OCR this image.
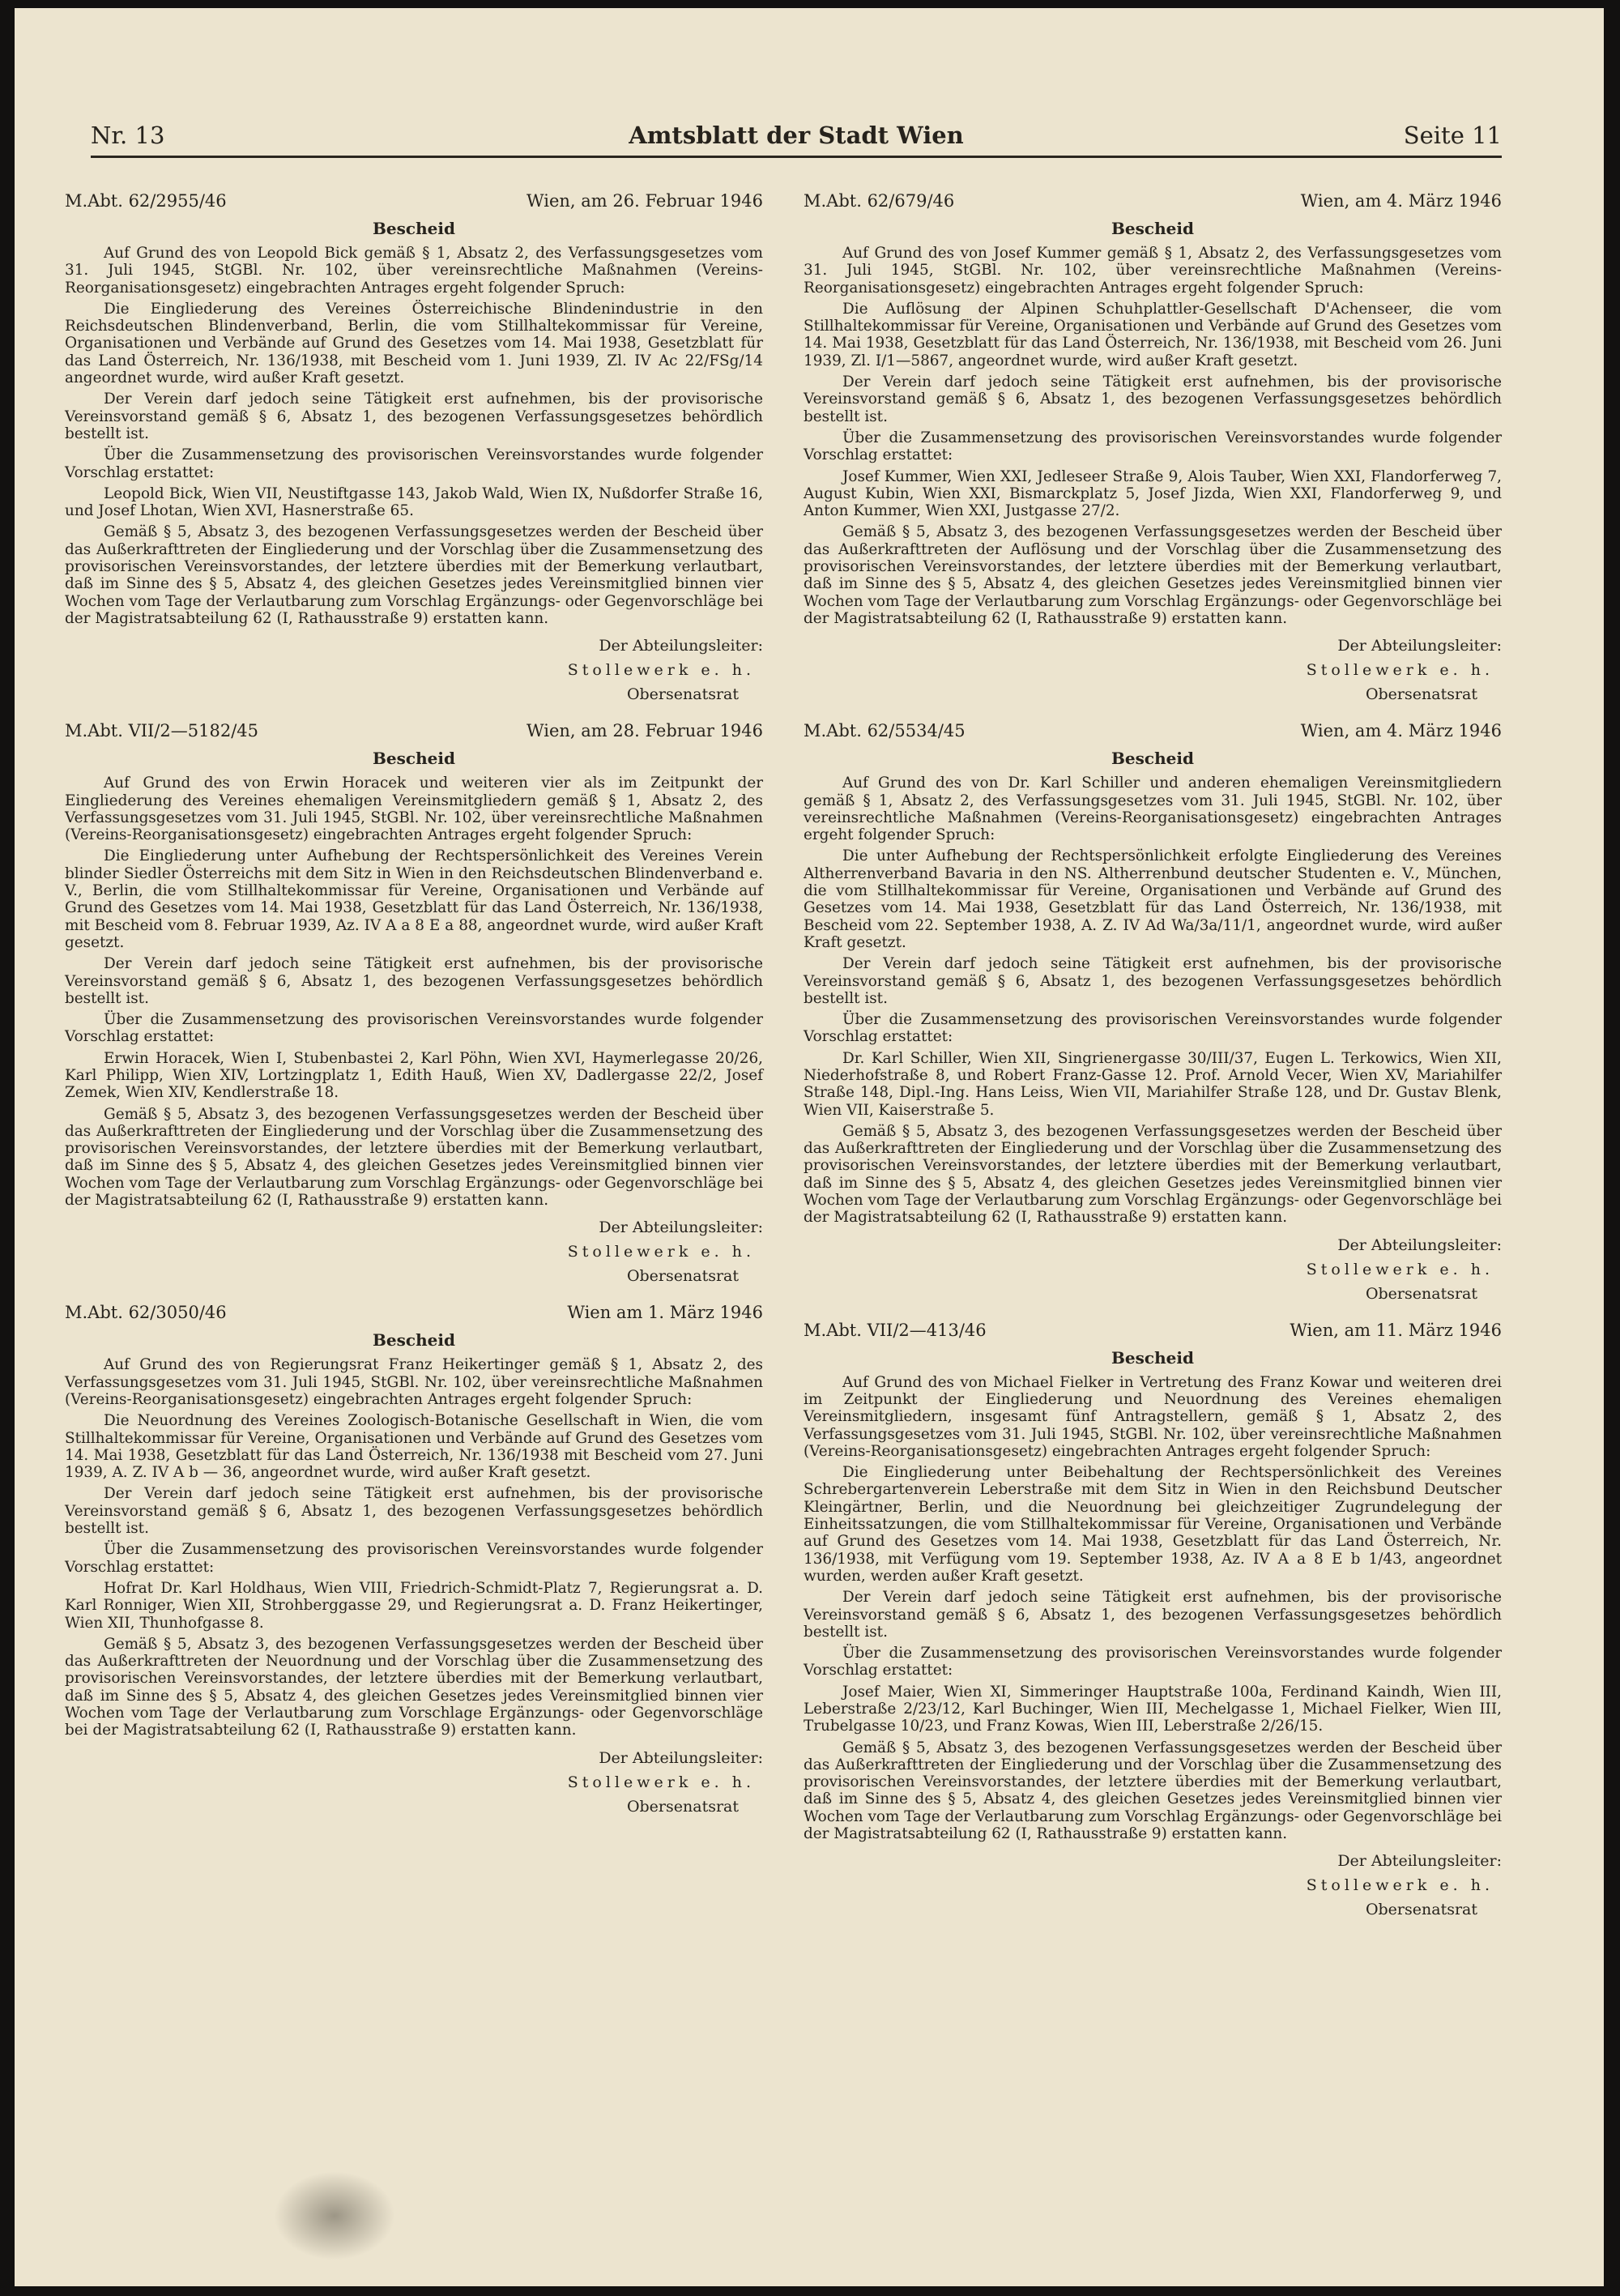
Nr. 13	Amtsblatt der Stadt Wien	Seite 11
M.Abt. 62/2955/46	Wien, am 26. Februar 1946
Bescheid

Auf Grund des von Leopold Bick gemäß § 1, Absatz 2, des Verfassungsgesetzes vom 31. Juli 1945, StGBl. Nr. 102, über vereinsrechtliche Maßnahmen (Vereins-Reorganisationsgesetz) eingebrachten Antrages ergeht folgender Spruch:

Die Eingliederung des Vereines Österreichische Blindenindustrie in den Reichsdeutschen Blindenverband, Berlin, die vom Stillhaltekommissar für Vereine, Organisationen und Verbände auf Grund des Gesetzes vom 14. Mai 1938, Gesetzblatt für das Land Österreich, Nr. 136/1938, mit Bescheid vom 1. Juni 1939, Zl. IV Ac 22/FSg/14 angeordnet wurde, wird außer Kraft gesetzt.

Der Verein darf jedoch seine Tätigkeit erst aufnehmen, bis der provisorische Vereinsvorstand gemäß § 6, Absatz 1, des bezogenen Verfassungsgesetzes behördlich bestellt ist.

Über die Zusammensetzung des provisorischen Vereinsvorstandes wurde folgender Vorschlag erstattet:

Leopold Bick, Wien VII, Neustiftgasse 143, Jakob Wald, Wien IX, Nußdorfer Straße 16, und Josef Lhotan, Wien XVI, Hasnerstraße 65.

Gemäß § 5, Absatz 3, des bezogenen Verfassungsgesetzes werden der Bescheid über das Außerkrafttreten der Eingliederung und der Vorschlag über die Zusammensetzung des provisorischen Vereinsvorstandes, der letztere überdies mit der Bemerkung verlautbart, daß im Sinne des § 5, Absatz 4, des gleichen Gesetzes jedes Vereinsmitglied binnen vier Wochen vom Tage der Verlautbarung zum Vorschlag Ergänzungs- oder Gegenvorschläge bei der Magistratsabteilung 62 (I, Rathausstraße 9) erstatten kann.

Der Abteilungsleiter:
Stollewerk e. h.
Obersenatsrat
M.Abt. VII/2—5182/45	Wien, am 28. Februar 1946
Bescheid

Auf Grund des von Erwin Horacek und weiteren vier als im Zeitpunkt der Eingliederung des Vereines ehemaligen Vereinsmitgliedern gemäß § 1, Absatz 2, des Verfassungsgesetzes vom 31. Juli 1945, StGBl. Nr. 102, über vereinsrechtliche Maßnahmen (Vereins-Reorganisationsgesetz) eingebrachten Antrages ergeht folgender Spruch:

Die Eingliederung unter Aufhebung der Rechtspersönlichkeit des Vereines Verein blinder Siedler Österreichs mit dem Sitz in Wien in den Reichsdeutschen Blindenverband e. V., Berlin, die vom Stillhaltekommissar für Vereine, Organisationen und Verbände auf Grund des Gesetzes vom 14. Mai 1938, Gesetzblatt für das Land Österreich, Nr. 136/1938, mit Bescheid vom 8. Februar 1939, Az. IV A a 8 E a 88, angeordnet wurde, wird außer Kraft gesetzt.

Der Verein darf jedoch seine Tätigkeit erst aufnehmen, bis der provisorische Vereinsvorstand gemäß § 6, Absatz 1, des bezogenen Verfassungsgesetzes behördlich bestellt ist.

Über die Zusammensetzung des provisorischen Vereinsvorstandes wurde folgender Vorschlag erstattet:

Erwin Horacek, Wien I, Stubenbastei 2, Karl Pöhn, Wien XVI, Haymerlegasse 20/26, Karl Philipp, Wien XIV, Lortzingplatz 1, Edith Hauß, Wien XV, Dadlergasse 22/2, Josef Zemek, Wien XIV, Kendlerstraße 18.

Gemäß § 5, Absatz 3, des bezogenen Verfassungsgesetzes werden der Bescheid über das Außerkrafttreten der Eingliederung und der Vorschlag über die Zusammensetzung des provisorischen Vereinsvorstandes, der letztere überdies mit der Bemerkung verlautbart, daß im Sinne des § 5, Absatz 4, des gleichen Gesetzes jedes Vereinsmitglied binnen vier Wochen vom Tage der Verlautbarung zum Vorschlag Ergänzungs- oder Gegenvorschläge bei der Magistratsabteilung 62 (I, Rathausstraße 9) erstatten kann.

Der Abteilungsleiter:
Stollewerk e. h.
Obersenatsrat
M.Abt. 62/3050/46	Wien am 1. März 1946
Bescheid

Auf Grund des von Regierungsrat Franz Heikertinger gemäß § 1, Absatz 2, des Verfassungsgesetzes vom 31. Juli 1945, StGBl. Nr. 102, über vereinsrechtliche Maßnahmen (Vereins-Reorganisationsgesetz) eingebrachten Antrages ergeht folgender Spruch:

Die Neuordnung des Vereines Zoologisch-Botanische Gesellschaft in Wien, die vom Stillhaltekommissar für Vereine, Organisationen und Verbände auf Grund des Gesetzes vom 14. Mai 1938, Gesetzblatt für das Land Österreich, Nr. 136/1938 mit Bescheid vom 27. Juni 1939, A. Z. IV A b — 36, angeordnet wurde, wird außer Kraft gesetzt.

Der Verein darf jedoch seine Tätigkeit erst aufnehmen, bis der provisorische Vereinsvorstand gemäß § 6, Absatz 1, des bezogenen Verfassungsgesetzes behördlich bestellt ist.

Über die Zusammensetzung des provisorischen Vereinsvorstandes wurde folgender Vorschlag erstattet:

Hofrat Dr. Karl Holdhaus, Wien VIII, Friedrich-Schmidt-Platz 7, Regierungsrat a. D. Karl Ronniger, Wien XII, Strohberggasse 29, und Regierungsrat a. D. Franz Heikertinger, Wien XII, Thunhofgasse 8.

Gemäß § 5, Absatz 3, des bezogenen Verfassungsgesetzes werden der Bescheid über das Außerkrafttreten der Neuordnung und der Vorschlag über die Zusammensetzung des provisorischen Vereinsvorstandes, der letztere überdies mit der Bemerkung verlautbart, daß im Sinne des § 5, Absatz 4, des gleichen Gesetzes jedes Vereinsmitglied binnen vier Wochen vom Tage der Verlautbarung zum Vorschlage Ergänzungs- oder Gegenvorschläge bei der Magistratsabteilung 62 (I, Rathausstraße 9) erstatten kann.

Der Abteilungsleiter:
Stollewerk e. h.
Obersenatsrat
M.Abt. 62/679/46	Wien, am 4. März 1946
Bescheid

Auf Grund des von Josef Kummer gemäß § 1, Absatz 2, des Verfassungsgesetzes vom 31. Juli 1945, StGBl. Nr. 102, über vereinsrechtliche Maßnahmen (Vereins-Reorganisationsgesetz) eingebrachten Antrages ergeht folgender Spruch:

Die Auflösung der Alpinen Schuhplattler-Gesellschaft D'Achenseer, die vom Stillhaltekommissar für Vereine, Organisationen und Verbände auf Grund des Gesetzes vom 14. Mai 1938, Gesetzblatt für das Land Österreich, Nr. 136/1938, mit Bescheid vom 26. Juni 1939, Zl. I/1—5867, angeordnet wurde, wird außer Kraft gesetzt.

Der Verein darf jedoch seine Tätigkeit erst aufnehmen, bis der provisorische Vereinsvorstand gemäß § 6, Absatz 1, des bezogenen Verfassungsgesetzes behördlich bestellt ist.

Über die Zusammensetzung des provisorischen Vereinsvorstandes wurde folgender Vorschlag erstattet:

Josef Kummer, Wien XXI, Jedleseer Straße 9, Alois Tauber, Wien XXI, Flandorferweg 7, August Kubin, Wien XXI, Bismarckplatz 5, Josef Jizda, Wien XXI, Flandorferweg 9, und Anton Kummer, Wien XXI, Justgasse 27/2.

Gemäß § 5, Absatz 3, des bezogenen Verfassungsgesetzes werden der Bescheid über das Außerkrafttreten der Auflösung und der Vorschlag über die Zusammensetzung des provisorischen Vereinsvorstandes, der letztere überdies mit der Bemerkung verlautbart, daß im Sinne des § 5, Absatz 4, des gleichen Gesetzes jedes Vereinsmitglied binnen vier Wochen vom Tage der Verlautbarung zum Vorschlag Ergänzungs- oder Gegenvorschläge bei der Magistratsabteilung 62 (I, Rathausstraße 9) erstatten kann.

Der Abteilungsleiter:
Stollewerk e. h.
Obersenatsrat
M.Abt. 62/5534/45	Wien, am 4. März 1946
Bescheid

Auf Grund des von Dr. Karl Schiller und anderen ehemaligen Vereinsmitgliedern gemäß § 1, Absatz 2, des Verfassungsgesetzes vom 31. Juli 1945, StGBl. Nr. 102, über vereinsrechtliche Maßnahmen (Vereins-Reorganisationsgesetz) eingebrachten Antrages ergeht folgender Spruch:

Die unter Aufhebung der Rechtspersönlichkeit erfolgte Eingliederung des Vereines Altherrenverband Bavaria in den NS. Altherrenbund deutscher Studenten e. V., München, die vom Stillhaltekommissar für Vereine, Organisationen und Verbände auf Grund des Gesetzes vom 14. Mai 1938, Gesetzblatt für das Land Österreich, Nr. 136/1938, mit Bescheid vom 22. September 1938, A. Z. IV Ad Wa/3a/11/1, angeordnet wurde, wird außer Kraft gesetzt.

Der Verein darf jedoch seine Tätigkeit erst aufnehmen, bis der provisorische Vereinsvorstand gemäß § 6, Absatz 1, des bezogenen Verfassungsgesetzes behördlich bestellt ist.

Über die Zusammensetzung des provisorischen Vereinsvorstandes wurde folgender Vorschlag erstattet:

Dr. Karl Schiller, Wien XII, Singrienergasse 30/III/37, Eugen L. Terkowics, Wien XII, Niederhofstraße 8, und Robert Franz-Gasse 12. Prof. Arnold Vecer, Wien XV, Mariahilfer Straße 148, Dipl.-Ing. Hans Leiss, Wien VII, Mariahilfer Straße 128, und Dr. Gustav Blenk, Wien VII, Kaiserstraße 5.

Gemäß § 5, Absatz 3, des bezogenen Verfassungsgesetzes werden der Bescheid über das Außerkrafttreten der Eingliederung und der Vorschlag über die Zusammensetzung des provisorischen Vereinsvorstandes, der letztere überdies mit der Bemerkung verlautbart, daß im Sinne des § 5, Absatz 4, des gleichen Gesetzes jedes Vereinsmitglied binnen vier Wochen vom Tage der Verlautbarung zum Vorschlag Ergänzungs- oder Gegenvorschläge bei der Magistratsabteilung 62 (I, Rathausstraße 9) erstatten kann.

Der Abteilungsleiter:
Stollewerk e. h.
Obersenatsrat
M.Abt. VII/2—413/46	Wien, am 11. März 1946
Bescheid

Auf Grund des von Michael Fielker in Vertretung des Franz Kowar und weiteren drei im Zeitpunkt der Eingliederung und Neuordnung des Vereines ehemaligen Vereinsmitgliedern, insgesamt fünf Antragstellern, gemäß § 1, Absatz 2, des Verfassungsgesetzes vom 31. Juli 1945, StGBl. Nr. 102, über vereinsrechtliche Maßnahmen (Vereins-Reorganisationsgesetz) eingebrachten Antrages ergeht folgender Spruch:

Die Eingliederung unter Beibehaltung der Rechtspersönlichkeit des Vereines Schrebergartenverein Leberstraße mit dem Sitz in Wien in den Reichsbund Deutscher Kleingärtner, Berlin, und die Neuordnung bei gleichzeitiger Zugrundelegung der Einheitssatzungen, die vom Stillhaltekommissar für Vereine, Organisationen und Verbände auf Grund des Gesetzes vom 14. Mai 1938, Gesetzblatt für das Land Österreich, Nr. 136/1938, mit Verfügung vom 19. September 1938, Az. IV A a 8 E b 1/43, angeordnet wurden, werden außer Kraft gesetzt.

Der Verein darf jedoch seine Tätigkeit erst aufnehmen, bis der provisorische Vereinsvorstand gemäß § 6, Absatz 1, des bezogenen Verfassungsgesetzes behördlich bestellt ist.

Über die Zusammensetzung des provisorischen Vereinsvorstandes wurde folgender Vorschlag erstattet:

Josef Maier, Wien XI, Simmeringer Hauptstraße 100a, Ferdinand Kaindh, Wien III, Leberstraße 2/23/12, Karl Buchinger, Wien III, Mechelgasse 1, Michael Fielker, Wien III, Trubelgasse 10/23, und Franz Kowas, Wien III, Leberstraße 2/26/15.

Gemäß § 5, Absatz 3, des bezogenen Verfassungsgesetzes werden der Bescheid über das Außerkrafttreten der Eingliederung und der Vorschlag über die Zusammensetzung des provisorischen Vereinsvorstandes, der letztere überdies mit der Bemerkung verlautbart, daß im Sinne des § 5, Absatz 4, des gleichen Gesetzes jedes Vereinsmitglied binnen vier Wochen vom Tage der Verlautbarung zum Vorschlag Ergänzungs- oder Gegenvorschläge bei der Magistratsabteilung 62 (I, Rathausstraße 9) erstatten kann.

Der Abteilungsleiter:
Stollewerk e. h.
Obersenatsrat
